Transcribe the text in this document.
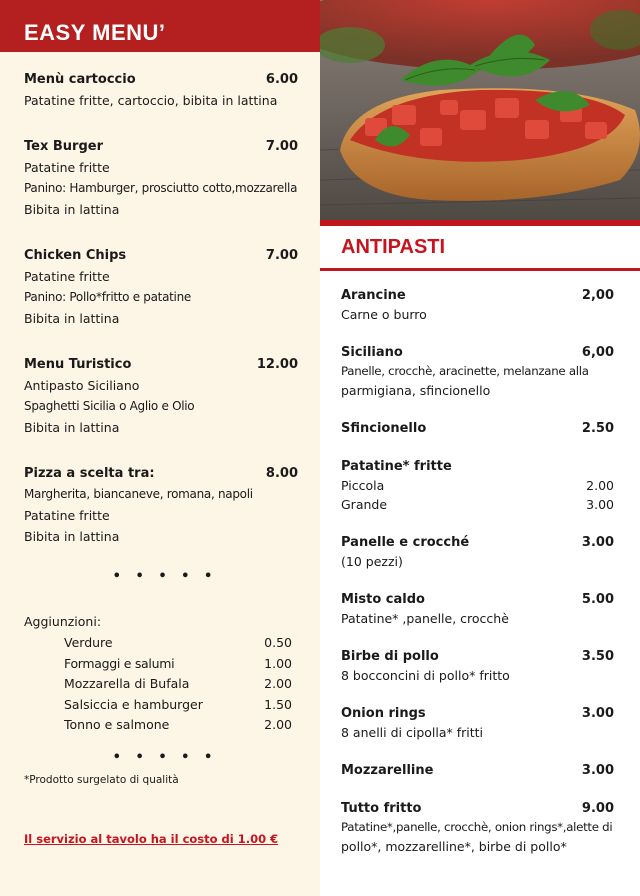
EASY MENU’
Menù cartoccio	6.00
Patatine fritte, cartoccio, bibita in lattina
Tex Burger	7.00
Patatine fritte
Panino: Hamburger, prosciutto cotto,mozzarella
Bibita in lattina
Chicken Chips	7.00
Patatine fritte
Panino: Pollo*fritto e patatine
Bibita in lattina
Menu Turistico	12.00
Antipasto Siciliano
Spaghetti Sicilia o Aglio e Olio
Bibita in lattina
Pizza a scelta tra:	8.00
Margherita, biancaneve, romana, napoli
Patatine fritte
Bibita in lattina
• • • • •
Aggiunzioni:
Verdure	0.50
Formaggi e salumi	1.00
Mozzarella di Bufala	2.00
Salsiccia e hamburger	1.50
Tonno e salmone	2.00
• • • • •
*Prodotto surgelato di qualità
Il servizio al tavolo ha il costo di 1.00 €
ANTIPASTI
Arancine	2,00
Carne o burro
Siciliano	6,00
Panelle, crocchè, aracinette, melanzane alla
parmigiana, sfincionello
Sfincionello	2.50
Patatine* fritte
Piccola	2.00
Grande	3.00
Panelle e crocché	3.00
(10 pezzi)
Misto caldo	5.00
Patatine* ,panelle, crocchè
Birbe di pollo	3.50
8 bocconcini di pollo* fritto
Onion rings	3.00
8 anelli di cipolla* fritti
Mozzarelline	3.00
Tutto fritto	9.00
Patatine*,panelle, crocchè, onion rings*,alette di
pollo*, mozzarelline*, birbe di pollo*
